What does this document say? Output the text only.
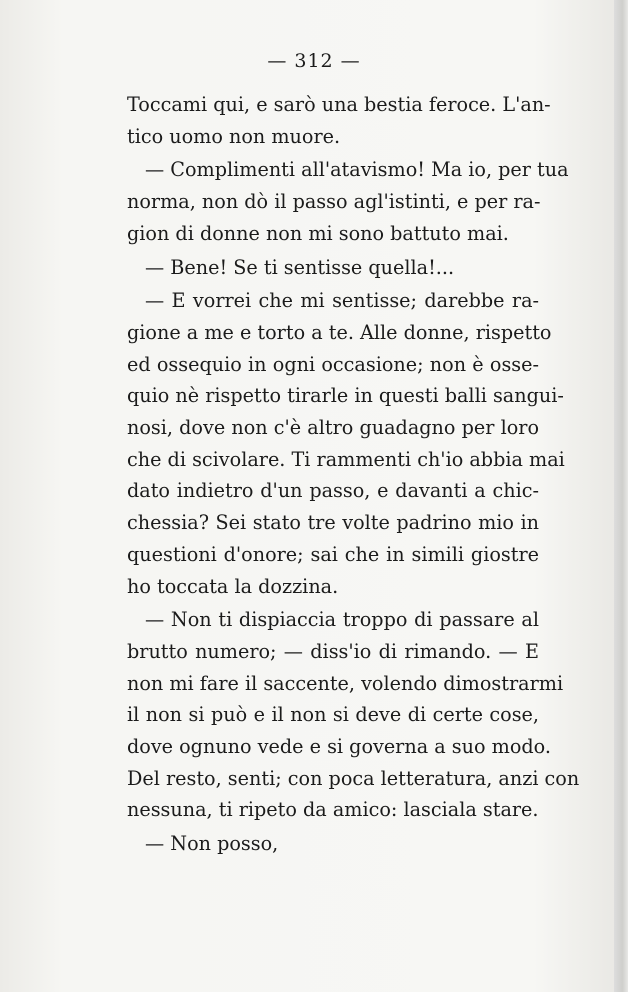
— 312 —
Toccami qui, e sarò una bestia feroce. L'an-
tico uomo non muore.
— Complimenti all'atavismo! Ma io, per tua
norma, non dò il passo agl'istinti, e per ra-
gion di donne non mi sono battuto mai.
— Bene! Se ti sentisse quella!...
— E vorrei che mi sentisse; darebbe ra-
gione a me e torto a te. Alle donne, rispetto
ed ossequio in ogni occasione; non è osse-
quio nè rispetto tirarle in questi balli sangui-
nosi, dove non c'è altro guadagno per loro
che di scivolare. Ti rammenti ch'io abbia mai
dato indietro d'un passo, e davanti a chic-
chessia? Sei stato tre volte padrino mio in
questioni d'onore; sai che in simili giostre
ho toccata la dozzina.
— Non ti dispiaccia troppo di passare al
brutto numero; — diss'io di rimando. — E
non mi fare il saccente, volendo dimostrarmi
il non si può e il non si deve di certe cose,
dove ognuno vede e si governa a suo modo.
Del resto, senti; con poca letteratura, anzi con
nessuna, ti ripeto da amico: lasciala stare.
— Non posso,
